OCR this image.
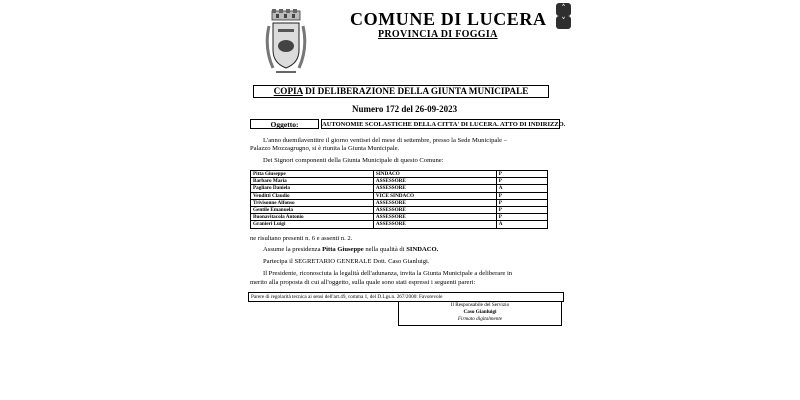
˄
˅
COMUNE DI LUCERA
PROVINCIA DI FOGGIA
COPIA DI DELIBERAZIONE DELLA GIUNTA MUNICIPALE
Numero 172 del 26-09-2023
Oggetto:	AUTONOMIE SCOLASTICHE DELLA CITTA' DI LUCERA. ATTO DI INDIRIZZO.
L'anno duemilaventitre il giorno ventisei del mese di settembre, presso la Sede Municipale –
Palazzo Mozzagrugno, si è riunita la Giunta Municipale.
Dei Signori componenti della Giunta Municipale di questo Comune:
Pitta Giuseppe	SINDACO	P
Barbaro Maria	ASSESSORE	P
Pagliaro Daniela	ASSESSORE	A
Venditti Claudio	VICE SINDACO	P
Trivisonne Alfonso	ASSESSORE	P
Gentile Emanuela	ASSESSORE	P
Buonavitacola Antonio	ASSESSORE	P
Granieri Luigi	ASSESSORE	A
ne risultano presenti n. 6 e assenti n. 2.
Assume la presidenza Pitta Giuseppe nella qualità di SINDACO.
Partecipa il SEGRETARIO GENERALE Dott. Caso Gianluigi.
Il Presidente, riconosciuta la legalità dell'adunanza, invita la Giunta Municipale a deliberare in
merito alla proposta di cui all'oggetto, sulla quale sono stati espressi i seguenti pareri:
Parere di regolarità tecnica ai sensi dell'art.49, comma 1, del D.Lgs.n. 267/2000: Favorevole
Il Responsabile del Servizio
Caso Gianluigi
Firmato digitalmente
